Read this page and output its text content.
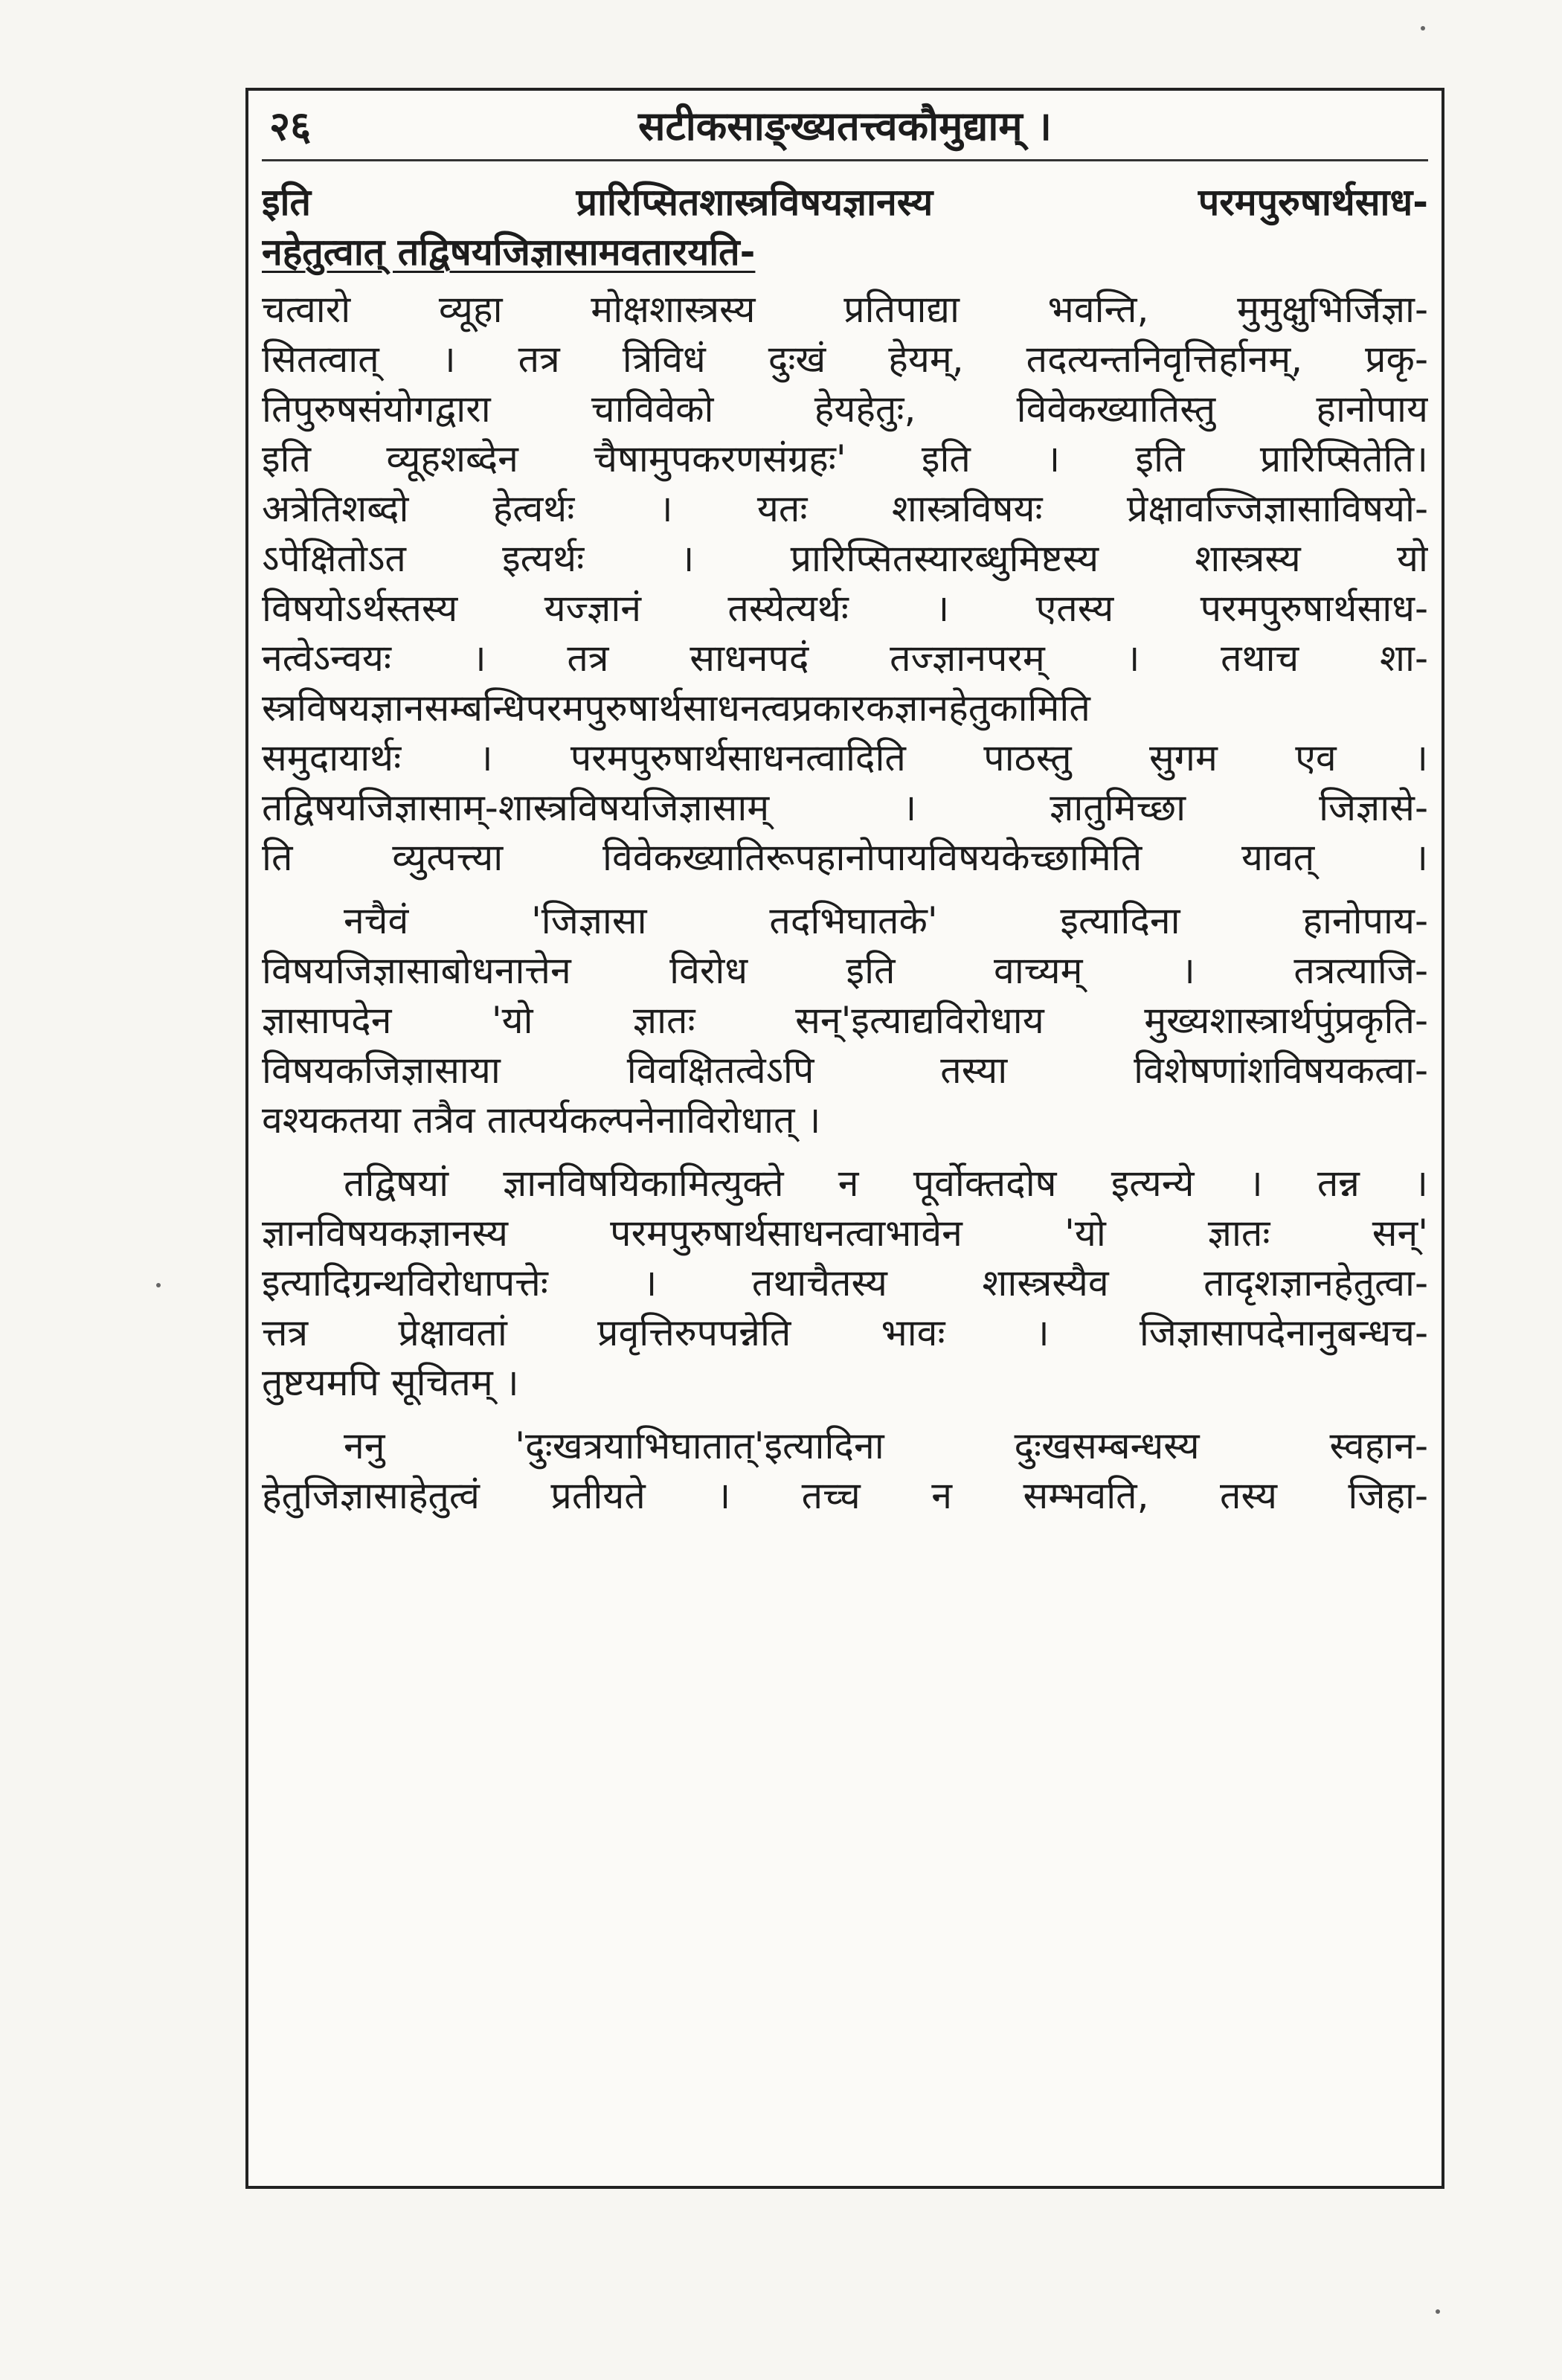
२६	सटीकसाङ्ख्यतत्त्वकौमुद्याम् ।
इति प्रारिप्सितशास्त्रविषयज्ञानस्य परमपुरुषार्थसाध-
नहेतुत्वात् तद्विषयजिज्ञासामवतारयति-
चत्वारो व्यूहा मोक्षशास्त्रस्य प्रतिपाद्या भवन्ति, मुमुक्षुभिर्जिज्ञा-
सितत्वात् । तत्र त्रिविधं दुःखं हेयम्, तदत्यन्तनिवृत्तिर्हानम्, प्रकृ-
तिपुरुषसंयोगद्वारा चाविवेको हेयहेतुः, विवेकख्यातिस्तु हानोपाय
इति व्यूहशब्देन चैषामुपकरणसंग्रहः' इति । इति प्रारिप्सितेति।
अत्रेतिशब्दो हेत्वर्थः । यतः शास्त्रविषयः प्रेक्षावज्जिज्ञासाविषयो-
ऽपेक्षितोऽत इत्यर्थः । प्रारिप्सितस्यारब्धुमिष्टस्य शास्त्रस्य यो
विषयोऽर्थस्तस्य यज्ज्ञानं तस्येत्यर्थः । एतस्य परमपुरुषार्थसाध-
नत्वेऽन्वयः । तत्र साधनपदं तज्ज्ञानपरम् । तथाच शा-
स्त्रविषयज्ञानसम्बन्धिपरमपुरुषार्थसाधनत्वप्रकारकज्ञानहेतुकामिति
समुदायार्थः । परमपुरुषार्थसाधनत्वादिति पाठस्तु सुगम एव ।
तद्विषयजिज्ञासाम्-शास्त्रविषयजिज्ञासाम् । ज्ञातुमिच्छा जिज्ञासे-
ति व्युत्पत्त्या विवेकख्यातिरूपहानोपायविषयकेच्छामिति यावत् ।
नचैवं 'जिज्ञासा तदभिघातके' इत्यादिना हानोपाय-
विषयजिज्ञासाबोधनात्तेन विरोध इति वाच्यम् । तत्रत्याजि-
ज्ञासापदेन 'यो ज्ञातः सन्'इत्याद्यविरोधाय मुख्यशास्त्रार्थपुंप्रकृति-
विषयकजिज्ञासाया विवक्षितत्वेऽपि तस्या विशेषणांशविषयकत्वा-
वश्यकतया तत्रैव तात्पर्यकल्पनेनाविरोधात् ।
तद्विषयां ज्ञानविषयिकामित्युक्ते न पूर्वोक्तदोष इत्यन्ये । तन्न ।
ज्ञानविषयकज्ञानस्य परमपुरुषार्थसाधनत्वाभावेन 'यो ज्ञातः सन्'
इत्यादिग्रन्थविरोधापत्तेः । तथाचैतस्य शास्त्रस्यैव तादृशज्ञानहेतुत्वा-
त्तत्र प्रेक्षावतां प्रवृत्तिरुपपन्नेति भावः । जिज्ञासापदेनानुबन्धच-
तुष्टयमपि सूचितम् ।
ननु 'दुःखत्रयाभिघातात्'इत्यादिना दुःखसम्बन्धस्य स्वहान-
हेतुजिज्ञासाहेतुत्वं प्रतीयते । तच्च न सम्भवति, तस्य जिहा-
